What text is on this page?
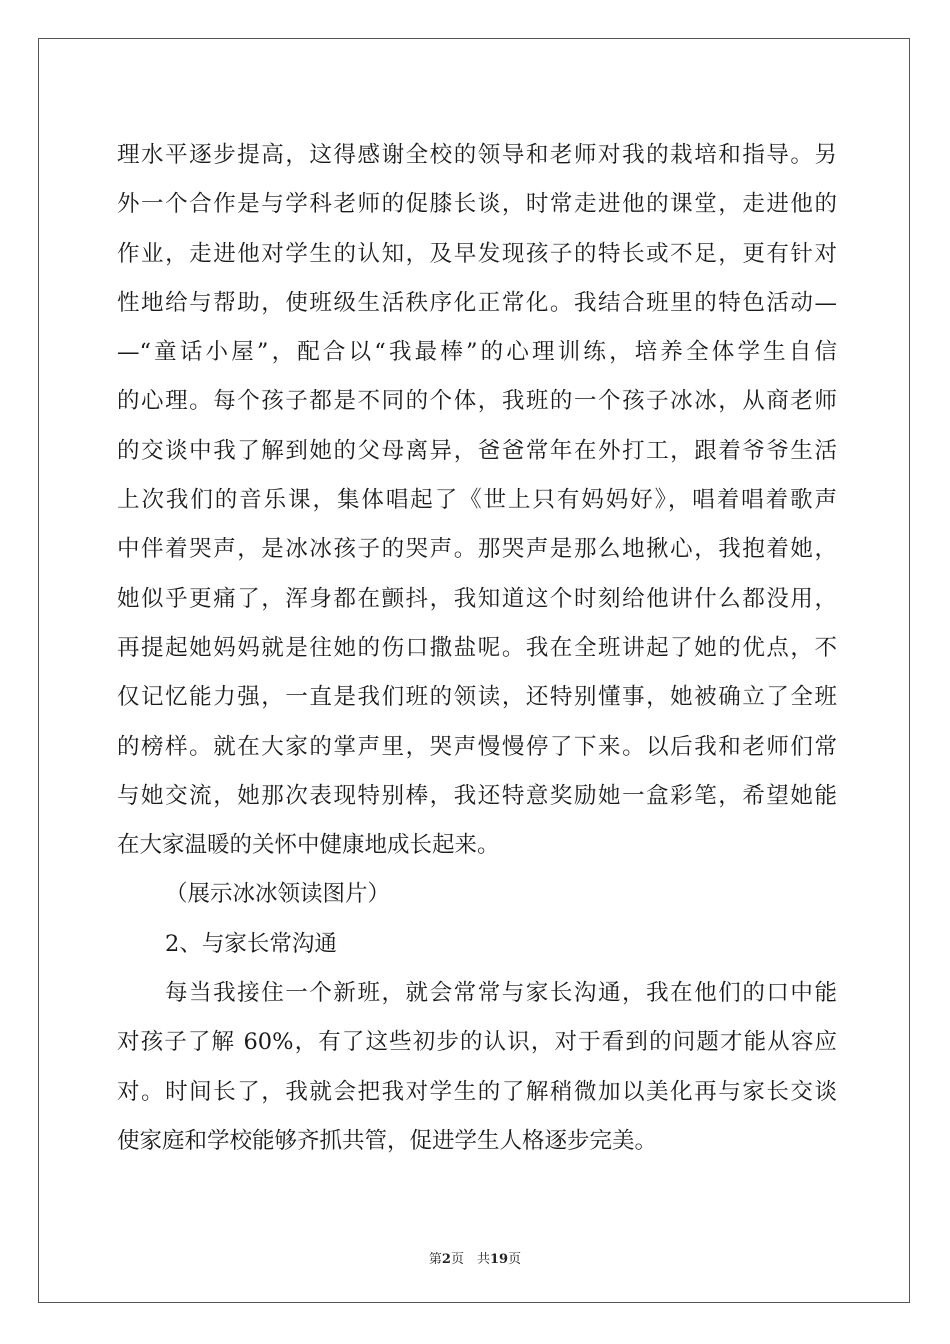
理水平逐步提高，这得感谢全校的领导和老师对我的栽培和指导。另
外一个合作是与学科老师的促膝长谈，时常走进他的课堂，走进他的
作业，走进他对学生的认知，及早发现孩子的特长或不足，更有针对
性地给与帮助，使班级生活秩序化正常化。我结合班里的特色活动—
—“童话小屋”，配合以“我最棒”的心理训练，培养全体学生自信
的心理。每个孩子都是不同的个体，我班的一个孩子冰冰，从商老师
的交谈中我了解到她的父母离异，爸爸常年在外打工，跟着爷爷生活
上次我们的音乐课，集体唱起了《世上只有妈妈好》，唱着唱着歌声
中伴着哭声，是冰冰孩子的哭声。那哭声是那么地揪心，我抱着她，
她似乎更痛了，浑身都在颤抖，我知道这个时刻给他讲什么都没用，
再提起她妈妈就是往她的伤口撒盐呢。我在全班讲起了她的优点，不
仅记忆能力强，一直是我们班的领读，还特别懂事，她被确立了全班
的榜样。就在大家的掌声里，哭声慢慢停了下来。以后我和老师们常
与她交流，她那次表现特别棒，我还特意奖励她一盒彩笔，希望她能
在大家温暖的关怀中健康地成长起来。
（展示冰冰领读图片）
2、与家长常沟通
每当我接住一个新班，就会常常与家长沟通，我在他们的口中能
对孩子了解 60%，有了这些初步的认识，对于看到的问题才能从容应
对。时间长了，我就会把我对学生的了解稍微加以美化再与家长交谈
使家庭和学校能够齐抓共管，促进学生人格逐步完美。
第2页　共19页
